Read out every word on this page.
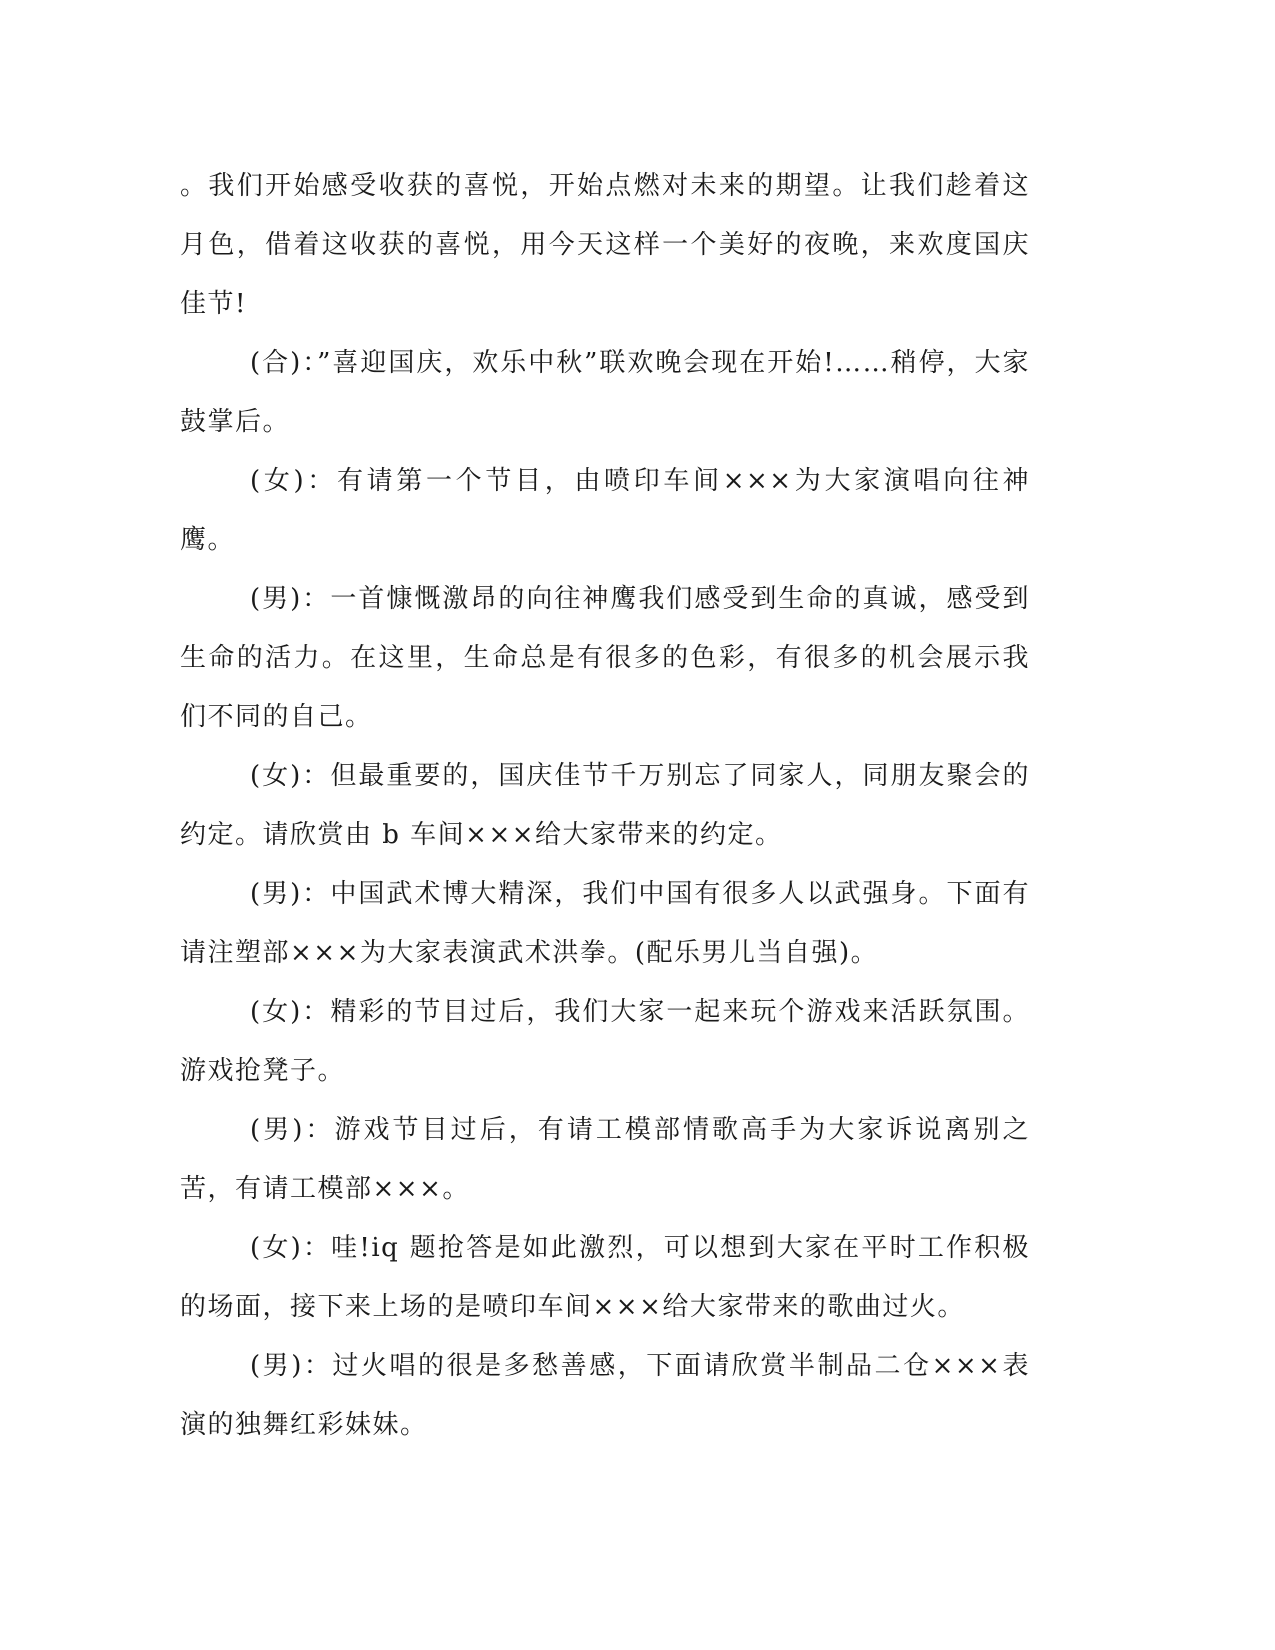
。我们开始感受收获的喜悦，开始点燃对未来的期望。让我们趁着这月色，借着这收获的喜悦，用今天这样一个美好的夜晚，来欢度国庆佳节!

(合)：”喜迎国庆，欢乐中秋”联欢晚会现在开始!……稍停，大家鼓掌后。

(女)：有请第一个节目，由喷印车间×××为大家演唱向往神鹰。

(男)：一首慷慨激昂的向往神鹰我们感受到生命的真诚，感受到生命的活力。在这里，生命总是有很多的色彩，有很多的机会展示我们不同的自己。

(女)：但最重要的，国庆佳节千万别忘了同家人，同朋友聚会的约定。请欣赏由 b 车间×××给大家带来的约定。

(男)：中国武术博大精深，我们中国有很多人以武强身。下面有请注塑部×××为大家表演武术洪拳。(配乐男儿当自强)。

(女)：精彩的节目过后，我们大家一起来玩个游戏来活跃氛围。游戏抢凳子。

(男)：游戏节目过后，有请工模部情歌高手为大家诉说离别之苦，有请工模部×××。

(女)：哇!iq 题抢答是如此激烈，可以想到大家在平时工作积极的场面，接下来上场的是喷印车间×××给大家带来的歌曲过火。

(男)：过火唱的很是多愁善感，下面请欣赏半制品二仓×××表演的独舞红彩妹妹。
